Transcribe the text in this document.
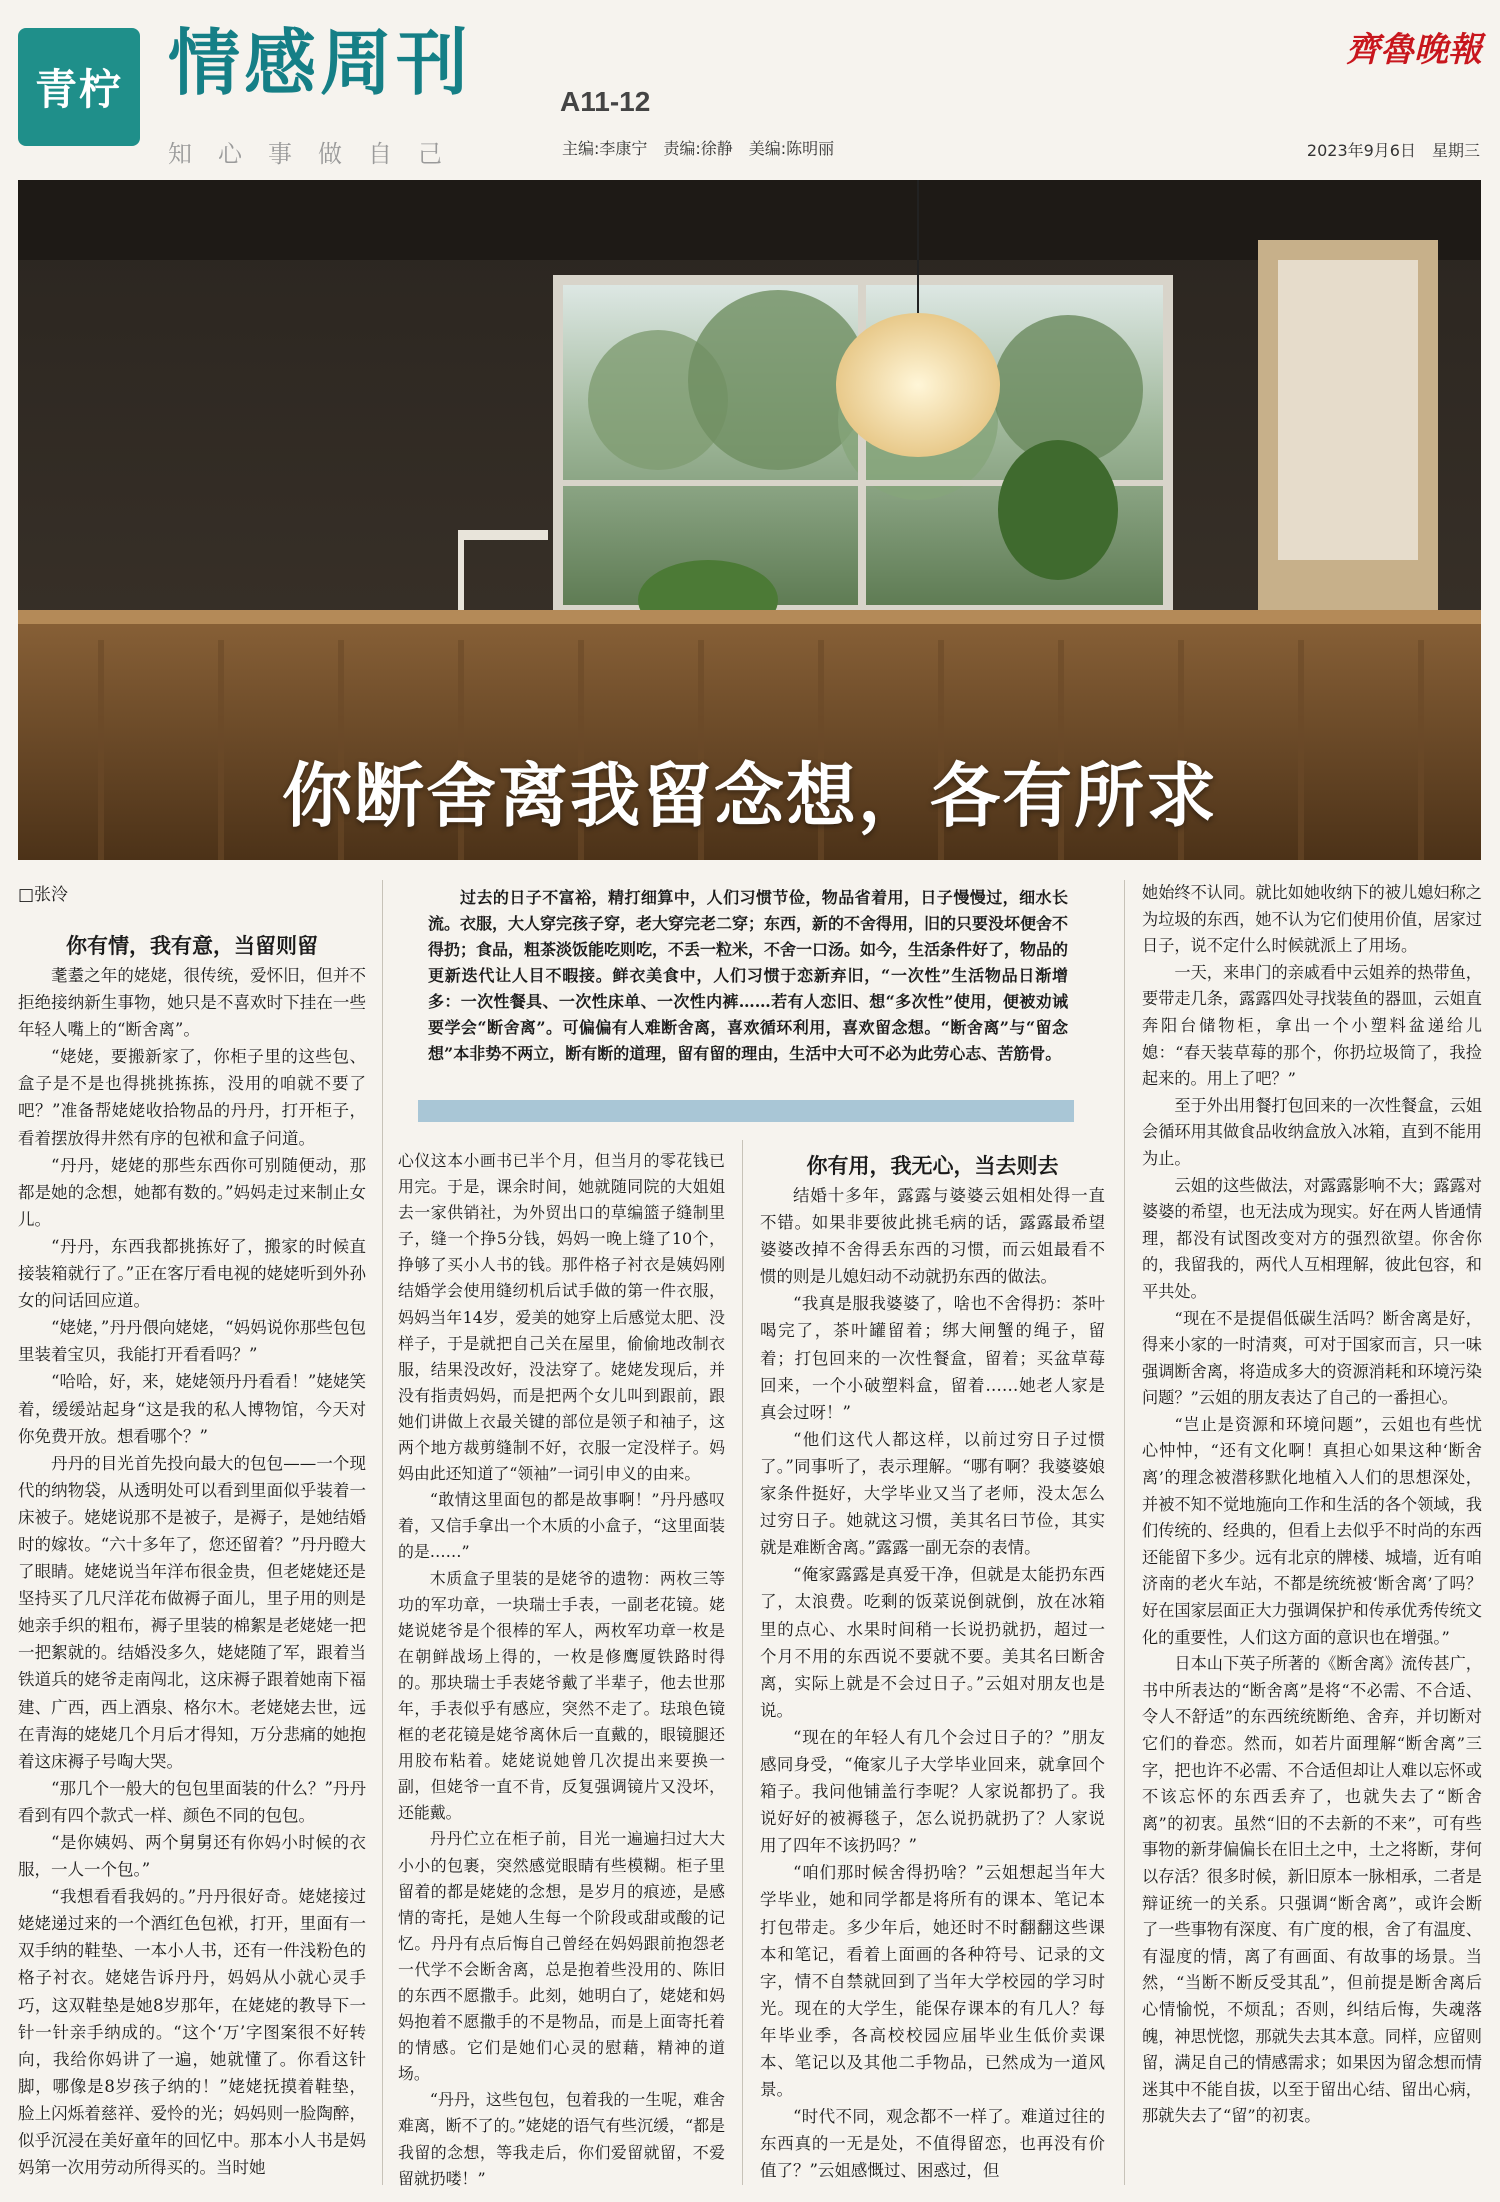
青柠 情感周刊	A11-12
知心事做自己	主编:李康宁　责编:徐静　美编:陈明丽
齊魯晚報
2023年9月6日　星期三
你断舍离我留念想，各有所求
□张泠	过去的日子不富裕，精打细算中，人们习惯节俭，物品省着用，日子慢慢过，细水长流。衣服，大人穿完孩子穿，老大穿完老二穿；东西，新的不舍得用，旧的只要没坏便舍不得扔；食品，粗茶淡饭能吃则吃，不丢一粒米，不舍一口汤。如今，生活条件好了，物品的更新迭代让人目不暇接。鲜衣美食中，人们习惯于恋新弃旧，“一次性”生活物品日渐增多：一次性餐具、一次性床单、一次性内裤……若有人恋旧、想“多次性”使用，便被劝诫要学会“断舍离”。可偏偏有人难断舍离，喜欢循环利用，喜欢留念想。“断舍离”与“留念想”本非势不两立，断有断的道理，留有留的理由，生活中大可不必为此劳心志、苦筋骨。

你有情，我有意，当留则留

耄耋之年的姥姥，很传统，爱怀旧，但并不拒绝接纳新生事物，她只是不喜欢时下挂在一些年轻人嘴上的“断舍离”。

“姥姥，要搬新家了，你柜子里的这些包、盒子是不是也得挑挑拣拣，没用的咱就不要了吧？”准备帮姥姥收拾物品的丹丹，打开柜子，看着摆放得井然有序的包袱和盒子问道。

“丹丹，姥姥的那些东西你可别随便动，那都是她的念想，她都有数的。”妈妈走过来制止女儿。

“丹丹，东西我都挑拣好了，搬家的时候直接装箱就行了。”正在客厅看电视的姥姥听到外孙女的问话回应道。

“姥姥，”丹丹偎向姥姥，“妈妈说你那些包包里装着宝贝，我能打开看看吗？”

“哈哈，好，来，姥姥领丹丹看看！”姥姥笑着，缓缓站起身“这是我的私人博物馆，今天对你免费开放。想看哪个？”

丹丹的目光首先投向最大的包包——一个现代的纳物袋，从透明处可以看到里面似乎装着一床被子。姥姥说那不是被子，是褥子，是她结婚时的嫁妆。“六十多年了，您还留着？”丹丹瞪大了眼睛。姥姥说当年洋布很金贵，但老姥姥还是坚持买了几尺洋花布做褥子面儿，里子用的则是她亲手织的粗布，褥子里装的棉絮是老姥姥一把一把絮就的。结婚没多久，姥姥随了军，跟着当铁道兵的姥爷走南闯北，这床褥子跟着她南下福建、广西，西上酒泉、格尔木。老姥姥去世，远在青海的姥姥几个月后才得知，万分悲痛的她抱着这床褥子号啕大哭。

“那几个一般大的包包里面装的什么？”丹丹看到有四个款式一样、颜色不同的包包。

“是你姨妈、两个舅舅还有你妈小时候的衣服，一人一个包。”

“我想看看我妈的。”丹丹很好奇。姥姥接过姥姥递过来的一个酒红色包袱，打开，里面有一双手纳的鞋垫、一本小人书，还有一件浅粉色的格子衬衣。姥姥告诉丹丹，妈妈从小就心灵手巧，这双鞋垫是她8岁那年，在姥姥的教导下一针一针亲手纳成的。“这个‘万’字图案很不好转向，我给你妈讲了一遍，她就懂了。你看这针脚，哪像是8岁孩子纳的！”姥姥抚摸着鞋垫，脸上闪烁着慈祥、爱怜的光；妈妈则一脸陶醉，似乎沉浸在美好童年的回忆中。那本小人书是妈妈第一次用劳动所得买的。当时她

心仪这本小画书已半个月，但当月的零花钱已用完。于是，课余时间，她就随同院的大姐姐去一家供销社，为外贸出口的草编篮子缝制里子，缝一个挣5分钱，妈妈一晚上缝了10个，挣够了买小人书的钱。那件格子衬衣是姨妈刚结婚学会使用缝纫机后试手做的第一件衣服，妈妈当年14岁，爱美的她穿上后感觉太肥、没样子，于是就把自己关在屋里，偷偷地改制衣服，结果没改好，没法穿了。姥姥发现后，并没有指责妈妈，而是把两个女儿叫到跟前，跟她们讲做上衣最关键的部位是领子和袖子，这两个地方裁剪缝制不好，衣服一定没样子。妈妈由此还知道了“领袖”一词引申义的由来。

“敢情这里面包的都是故事啊！”丹丹感叹着，又信手拿出一个木质的小盒子，“这里面装的是……”

木质盒子里装的是姥爷的遗物：两枚三等功的军功章，一块瑞士手表，一副老花镜。姥姥说姥爷是个很棒的军人，两枚军功章一枚是在朝鲜战场上得的，一枚是修鹰厦铁路时得的。那块瑞士手表姥爷戴了半辈子，他去世那年，手表似乎有感应，突然不走了。珐琅色镜框的老花镜是姥爷离休后一直戴的，眼镜腿还用胶布粘着。姥姥说她曾几次提出来要换一副，但姥爷一直不肯，反复强调镜片又没坏，还能戴。

丹丹伫立在柜子前，目光一遍遍扫过大大小小的包裹，突然感觉眼睛有些模糊。柜子里留着的都是姥姥的念想，是岁月的痕迹，是感情的寄托，是她人生每一个阶段或甜或酸的记忆。丹丹有点后悔自己曾经在妈妈跟前抱怨老一代学不会断舍离，总是抱着些没用的、陈旧的东西不愿撒手。此刻，她明白了，姥姥和妈妈抱着不愿撒手的不是物品，而是上面寄托着的情感。它们是她们心灵的慰藉，精神的道场。

“丹丹，这些包包，包着我的一生呢，难舍难离，断不了的。”姥姥的语气有些沉缓，“都是我留的念想，等我走后，你们爱留就留，不爱留就扔喽！”

你有用，我无心，当去则去

结婚十多年，露露与婆婆云姐相处得一直不错。如果非要彼此挑毛病的话，露露最希望婆婆改掉不舍得丢东西的习惯，而云姐最看不惯的则是儿媳妇动不动就扔东西的做法。

“我真是服我婆婆了，啥也不舍得扔：茶叶喝完了，茶叶罐留着；绑大闸蟹的绳子，留着；打包回来的一次性餐盒，留着；买盆草莓回来，一个小破塑料盒，留着……她老人家是真会过呀！”

“他们这代人都这样，以前过穷日子过惯了。”同事听了，表示理解。“哪有啊？我婆婆娘家条件挺好，大学毕业又当了老师，没太怎么过穷日子。她就这习惯，美其名曰节俭，其实就是难断舍离。”露露一副无奈的表情。

“俺家露露是真爱干净，但就是太能扔东西了，太浪费。吃剩的饭菜说倒就倒，放在冰箱里的点心、水果时间稍一长说扔就扔，超过一个月不用的东西说不要就不要。美其名曰断舍离，实际上就是不会过日子。”云姐对朋友也是说。

“现在的年轻人有几个会过日子的？”朋友感同身受，“俺家儿子大学毕业回来，就拿回个箱子。我问他铺盖行李呢？人家说都扔了。我说好好的被褥毯子，怎么说扔就扔了？人家说用了四年不该扔吗？”

“咱们那时候舍得扔啥？”云姐想起当年大学毕业，她和同学都是将所有的课本、笔记本打包带走。多少年后，她还时不时翻翻这些课本和笔记，看着上面画的各种符号、记录的文字，情不自禁就回到了当年大学校园的学习时光。现在的大学生，能保存课本的有几人？每年毕业季，各高校校园应届毕业生低价卖课本、笔记以及其他二手物品，已然成为一道风景。

“时代不同，观念都不一样了。难道过往的东西真的一无是处，不值得留恋，也再没有价值了？”云姐感慨过、困惑过，但

她始终不认同。就比如她收纳下的被儿媳妇称之为垃圾的东西，她不认为它们使用价值，居家过日子，说不定什么时候就派上了用场。

一天，来串门的亲戚看中云姐养的热带鱼，要带走几条，露露四处寻找装鱼的器皿，云姐直奔阳台储物柜，拿出一个小塑料盆递给儿媳：“春天装草莓的那个，你扔垃圾筒了，我捡起来的。用上了吧？”

至于外出用餐打包回来的一次性餐盒，云姐会循环用其做食品收纳盒放入冰箱，直到不能用为止。

云姐的这些做法，对露露影响不大；露露对婆婆的希望，也无法成为现实。好在两人皆通情理，都没有试图改变对方的强烈欲望。你舍你的，我留我的，两代人互相理解，彼此包容，和平共处。

“现在不是提倡低碳生活吗？断舍离是好，得来小家的一时清爽，可对于国家而言，只一味强调断舍离，将造成多大的资源消耗和环境污染问题？”云姐的朋友表达了自己的一番担心。

“岂止是资源和环境问题”，云姐也有些忧心忡忡，“还有文化啊！真担心如果这种‘断舍离’的理念被潜移默化地植入人们的思想深处，并被不知不觉地施向工作和生活的各个领域，我们传统的、经典的，但看上去似乎不时尚的东西还能留下多少。远有北京的牌楼、城墙，近有咱济南的老火车站，不都是统统被‘断舍离’了吗？好在国家层面正大力强调保护和传承优秀传统文化的重要性，人们这方面的意识也在增强。”

日本山下英子所著的《断舍离》流传甚广，书中所表达的“断舍离”是将“不必需、不合适、令人不舒适”的东西统统断绝、舍弃，并切断对它们的眷恋。然而，如若片面理解“断舍离”三字，把也许不必需、不合适但却让人难以忘怀或不该忘怀的东西丢弃了，也就失去了“断舍离”的初衷。虽然“旧的不去新的不来”，可有些事物的新芽偏偏长在旧土之中，土之将断，芽何以存活？很多时候，新旧原本一脉相承，二者是辩证统一的关系。只强调“断舍离”，或许会断了一些事物有深度、有广度的根，舍了有温度、有湿度的情，离了有画面、有故事的场景。当然，“当断不断反受其乱”，但前提是断舍离后心情愉悦，不烦乱；否则，纠结后悔，失魂落魄，神思恍惚，那就失去其本意。同样，应留则留，满足自己的情感需求；如果因为留念想而情迷其中不能自拔，以至于留出心结、留出心病，那就失去了“留”的初衷。
